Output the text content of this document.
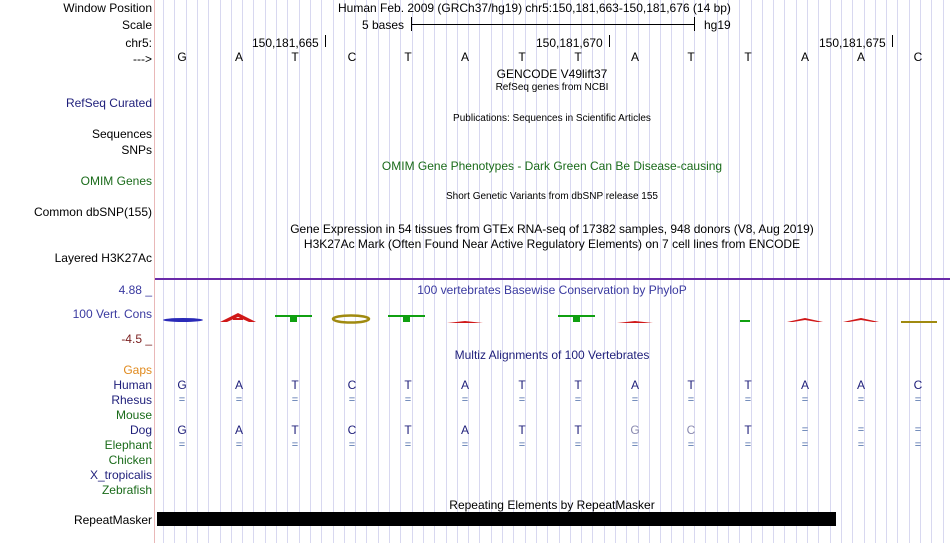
Window Position
Scale
chr5:
--->
Human Feb. 2009 (GRCh37/hg19) chr5:150,181,663-150,181,676 (14 bp)
5 bases	hg19
150,181,665	150,181,670	150,181,675
G	A	T	C	T	A	T	T	A	T	T	A	A	C
GENCODE V49lift37
RefSeq genes from NCBI
RefSeq Curated
Sequences
Publications: Sequences in Scientific Articles
SNPs
OMIM Gene Phenotypes - Dark Green Can Be Disease-causing
OMIM Genes
Short Genetic Variants from dbSNP release 155
Common dbSNP(155)
Gene Expression in 54 tissues from GTEx RNA-seq of 17382 samples, 948 donors (V8, Aug 2019)
H3K27Ac Mark (Often Found Near Active Regulatory Elements) on 7 cell lines from ENCODE
Layered H3K27Ac
4.88 _	100 vertebrates Basewise Conservation by PhyloP
100 Vert. Cons
-4.5 _
Multiz Alignments of 100 Vertebrates
Gaps
Human	G	A	T	C	T	A	T	T	A	T	T	A	A	C
Rhesus	=	=	=	=	=	=	=	=	=	=	=	=	=	=
Mouse
Dog	G	A	T	C	T	A	T	T	G	C	T	=	=	=
Elephant	=	=	=	=	=	=	=	=	=	=	=	=	=	=
Chicken
X_tropicalis
Zebrafish
Repeating Elements by RepeatMasker
RepeatMasker
